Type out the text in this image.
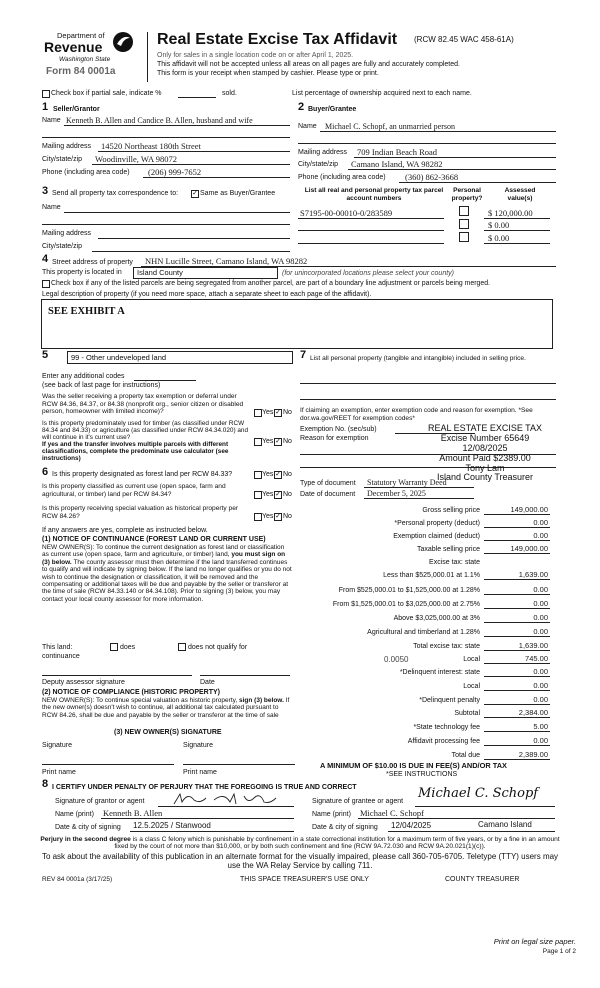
Department of
Revenue
Washington State
Form 84 0001a
Real Estate Excise Tax Affidavit (RCW 82.45 WAC 458-61A)
Only for sales in a single location code on or after April 1, 2025.
This affidavit will not be accepted unless all areas on all pages are fully and accurately completed.
This form is your receipt when stamped by cashier. Please type or print.
Check box if partial sale, indicate %	sold.	List percentage of ownership acquired next to each name.
1 Seller/Grantor
Name Kenneth B. Allen and Candice B. Allen, husband and wife
Mailing address 14520 Northeast 180th Street
City/state/zip Woodinville, WA 98072
Phone (including area code) (206) 999-7652
2 Buyer/Grantee
Name Michael C. Schopf, an unmarried person
Mailing address 709 Indian Beach Road
City/state/zip Camano Island, WA 98282
Phone (including area code) (360) 862-3668
3 Send all property tax correspondence to: ✓ Same as Buyer/Grantee
Name
Mailing address
City/state/zip
List all real and personal property tax parcel account numbers
Personal property?
Assessed value(s)
S7195-00-00010-0/283589	$ 120,000.00
$ 0.00
$ 0.00
4 Street address of property NHN Lucille Street, Camano Island, WA 98282
This property is located in Island County	(for unincorporated locations please select your county)
Check box if any of the listed parcels are being segregated from another parcel, are part of a boundary line adjustment or parcels being merged.
Legal description of property (if you need more space, attach a separate sheet to each page of the affidavit).
SEE EXHIBIT A
5	99 - Other undeveloped land
Enter any additional codes
(see back of last page for instructions)
Was the seller receiving a property tax exemption or deferral under RCW 84.36, 84.37, or 84.38 (nonprofit org., senior citizen or disabled person, homeowner with limited income)?	Yes ✓ No
Is this property predominately used for timber (as classified under RCW 84.34 and 84.33) or agriculture (as classified under RCW 84.34.020) and will continue in it's current use?
If yes and the transfer involves multiple parcels with different classifications, complete the predominate use calculator (see instructions)
Yes ✓ No
6 Is this property designated as forest land per RCW 84.33?	Yes ✓ No
Is this property classified as current use (open space, farm and agricultural, or timber) land per RCW 84.34?	Yes ✓ No
Is this property receiving special valuation as historical property per RCW 84.26?	Yes ✓ No
If any answers are yes, complete as instructed below.
(1) NOTICE OF CONTINUANCE (FOREST LAND OR CURRENT USE)
NEW OWNER(S): To continue the current designation as forest land or classification as current use (open space, farm and agriculture, or timber) land, you must sign on (3) below. The county assessor must then determine if the land transferred continues to qualify and will indicate by signing below. If the land no longer qualifies or you do not wish to continue the designation or classification, it will be removed and the compensating or additional taxes will be due and payable by the seller or transferor at the time of sale (RCW 84.33.140 or 84.34.108). Prior to signing (3) below, you may contact your local county assessor for more information.
This land:	does	does not qualify for
continuance
Deputy assessor signature	Date
(2) NOTICE OF COMPLIANCE (HISTORIC PROPERTY)
NEW OWNER(S): To continue special valuation as historic property, sign (3) below. If the new owner(s) doesn't wish to continue, all additional tax calculated pursuant to RCW 84.26, shall be due and payable by the seller or transferor at the time of sale
(3) NEW OWNER(S) SIGNATURE
Signature	Signature
Print name	Print name
7 List all personal property (tangible and intangible) included in selling price.
If claiming an exemption, enter exemption code and reason for exemption. *See dor.wa.gov/REET for exemption codes*
Exemption No. (sec/sub)
Reason for exemption
REAL ESTATE EXCISE TAX
Excise Number 65649
12/08/2025
Amount Paid $2389.00
Tony Lam
Island County Treasurer
Type of document Statutory Warranty Deed
Date of document December 5, 2025
Gross selling price	149,000.00
*Personal property (deduct)	0.00
Exemption claimed (deduct)	0.00
Taxable selling price	149,000.00
Excise tax: state
Less than $525,000.01 at 1.1%	1,639.00
From $525,000.01 to $1,525,000.00 at 1.28%	0.00
From $1,525,000.01 to $3,025,000.00 at 2.75%	0.00
Above $3,025,000.00 at 3%	0.00
Agricultural and timberland at 1.28%	0.00
Total excise tax: state	1,639.00
0.0050	Local	745.00
*Delinquent interest: state	0.00
Local	0.00
*Delinquent penalty	0.00
Subtotal	2,384.00
*State technology fee	5.00
Affidavit processing fee	0.00
Total due	2,389.00
A MINIMUM OF $10.00 IS DUE IN FEE(S) AND/OR TAX
*SEE INSTRUCTIONS
8 I CERTIFY UNDER PENALTY OF PERJURY THAT THE FOREGOING IS TRUE AND CORRECT
Signature of grantor or agent
Name (print) Kenneth B. Allen
Date & city of signing 12.5.2025 / Stanwood
Signature of grantee or agent
Michael C. Schopf
Name (print) Michael C. Schopf
Date & city of signing 12/04/2025	Camano Island
Perjury in the second degree is a class C felony which is punishable by confinement in a state correctional institution for a maximum term of five years, or by a fine in an amount fixed by the court of not more than $10,000, or by both such confinement and fine (RCW 9A.72.030 and RCW 9A.20.021(1)(c)).
To ask about the availability of this publication in an alternate format for the visually impaired, please call 360-705-6705. Teletype (TTY) users may use the WA Relay Service by calling 711.
REV 84 0001a (3/17/25)	THIS SPACE TREASURER'S USE ONLY	COUNTY TREASURER
Print on legal size paper.
Page 1 of 2
